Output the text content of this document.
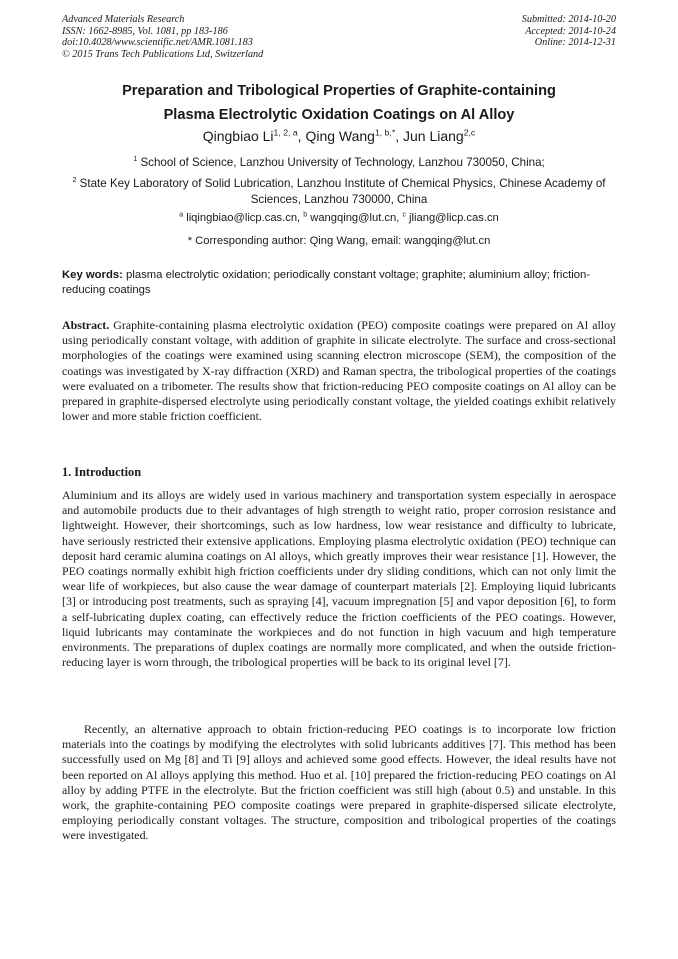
Advanced Materials Research
ISSN: 1662-8985, Vol. 1081, pp 183-186
doi:10.4028/www.scientific.net/AMR.1081.183
© 2015 Trans Tech Publications Ltd, Switzerland
Submitted: 2014-10-20
Accepted: 2014-10-24
Online: 2014-12-31
Preparation and Tribological Properties of Graphite-containing
Plasma Electrolytic Oxidation Coatings on Al Alloy
Qingbiao Li$^{1, 2, a}$, Qing Wang$^{1, b,*}$, Jun Liang$^{2,c}$
$^1$ School of Science, Lanzhou University of Technology, Lanzhou 730050, China;
$^2$ State Key Laboratory of Solid Lubrication, Lanzhou Institute of Chemical Physics, Chinese Academy of Sciences, Lanzhou 730000, China
$^a$ liqingbiao@licp.cas.cn, $^b$ wangqing@lut.cn, $^c$ jliang@licp.cas.cn
* Corresponding author: Qing Wang, email: wangqing@lut.cn
Key words: plasma electrolytic oxidation; periodically constant voltage; graphite; aluminium alloy; friction-reducing coatings
Abstract. Graphite-containing plasma electrolytic oxidation (PEO) composite coatings were prepared on Al alloy using periodically constant voltage, with addition of graphite in silicate electrolyte. The surface and cross-sectional morphologies of the coatings were examined using scanning electron microscope (SEM), the composition of the coatings was investigated by X-ray diffraction (XRD) and Raman spectra, the tribological properties of the coatings were evaluated on a tribometer. The results show that friction-reducing PEO composite coatings on Al alloy can be prepared in graphite-dispersed electrolyte using periodically constant voltage, the yielded coatings exhibit relatively lower and more stable friction coefficient.
1. Introduction
Aluminium and its alloys are widely used in various machinery and transportation system especially in aerospace and automobile products due to their advantages of high strength to weight ratio, proper corrosion resistance and lightweight. However, their shortcomings, such as low hardness, low wear resistance and difficulty to lubricate, have seriously restricted their extensive applications. Employing plasma electrolytic oxidation (PEO) technique can deposit hard ceramic alumina coatings on Al alloys, which greatly improves their wear resistance [1]. However, the PEO coatings normally exhibit high friction coefficients under dry sliding conditions, which can not only limit the wear life of workpieces, but also cause the wear damage of counterpart materials [2]. Employing liquid lubricants [3] or introducing post treatments, such as spraying [4], vacuum impregnation [5] and vapor deposition [6], to form a self-lubricating duplex coating, can effectively reduce the friction coefficients of the PEO coatings. However, liquid lubricants may contaminate the workpieces and do not function in high vacuum and high temperature environments. The preparations of duplex coatings are normally more complicated, and when the outside friction-reducing layer is worn through, the tribological properties will be back to its original level [7].
Recently, an alternative approach to obtain friction-reducing PEO coatings is to incorporate low friction materials into the coatings by modifying the electrolytes with solid lubricants additives [7]. This method has been successfully used on Mg [8] and Ti [9] alloys and achieved some good effects. However, the ideal results have not been reported on Al alloys applying this method. Huo et al. [10] prepared the friction-reducing PEO coatings on Al alloy by adding PTFE in the electrolyte. But the friction coefficient was still high (about 0.5) and unstable. In this work, the graphite-containing PEO composite coatings were prepared in graphite-dispersed silicate electrolyte, employing periodically constant voltages. The structure, composition and tribological properties of the coatings were investigated.
